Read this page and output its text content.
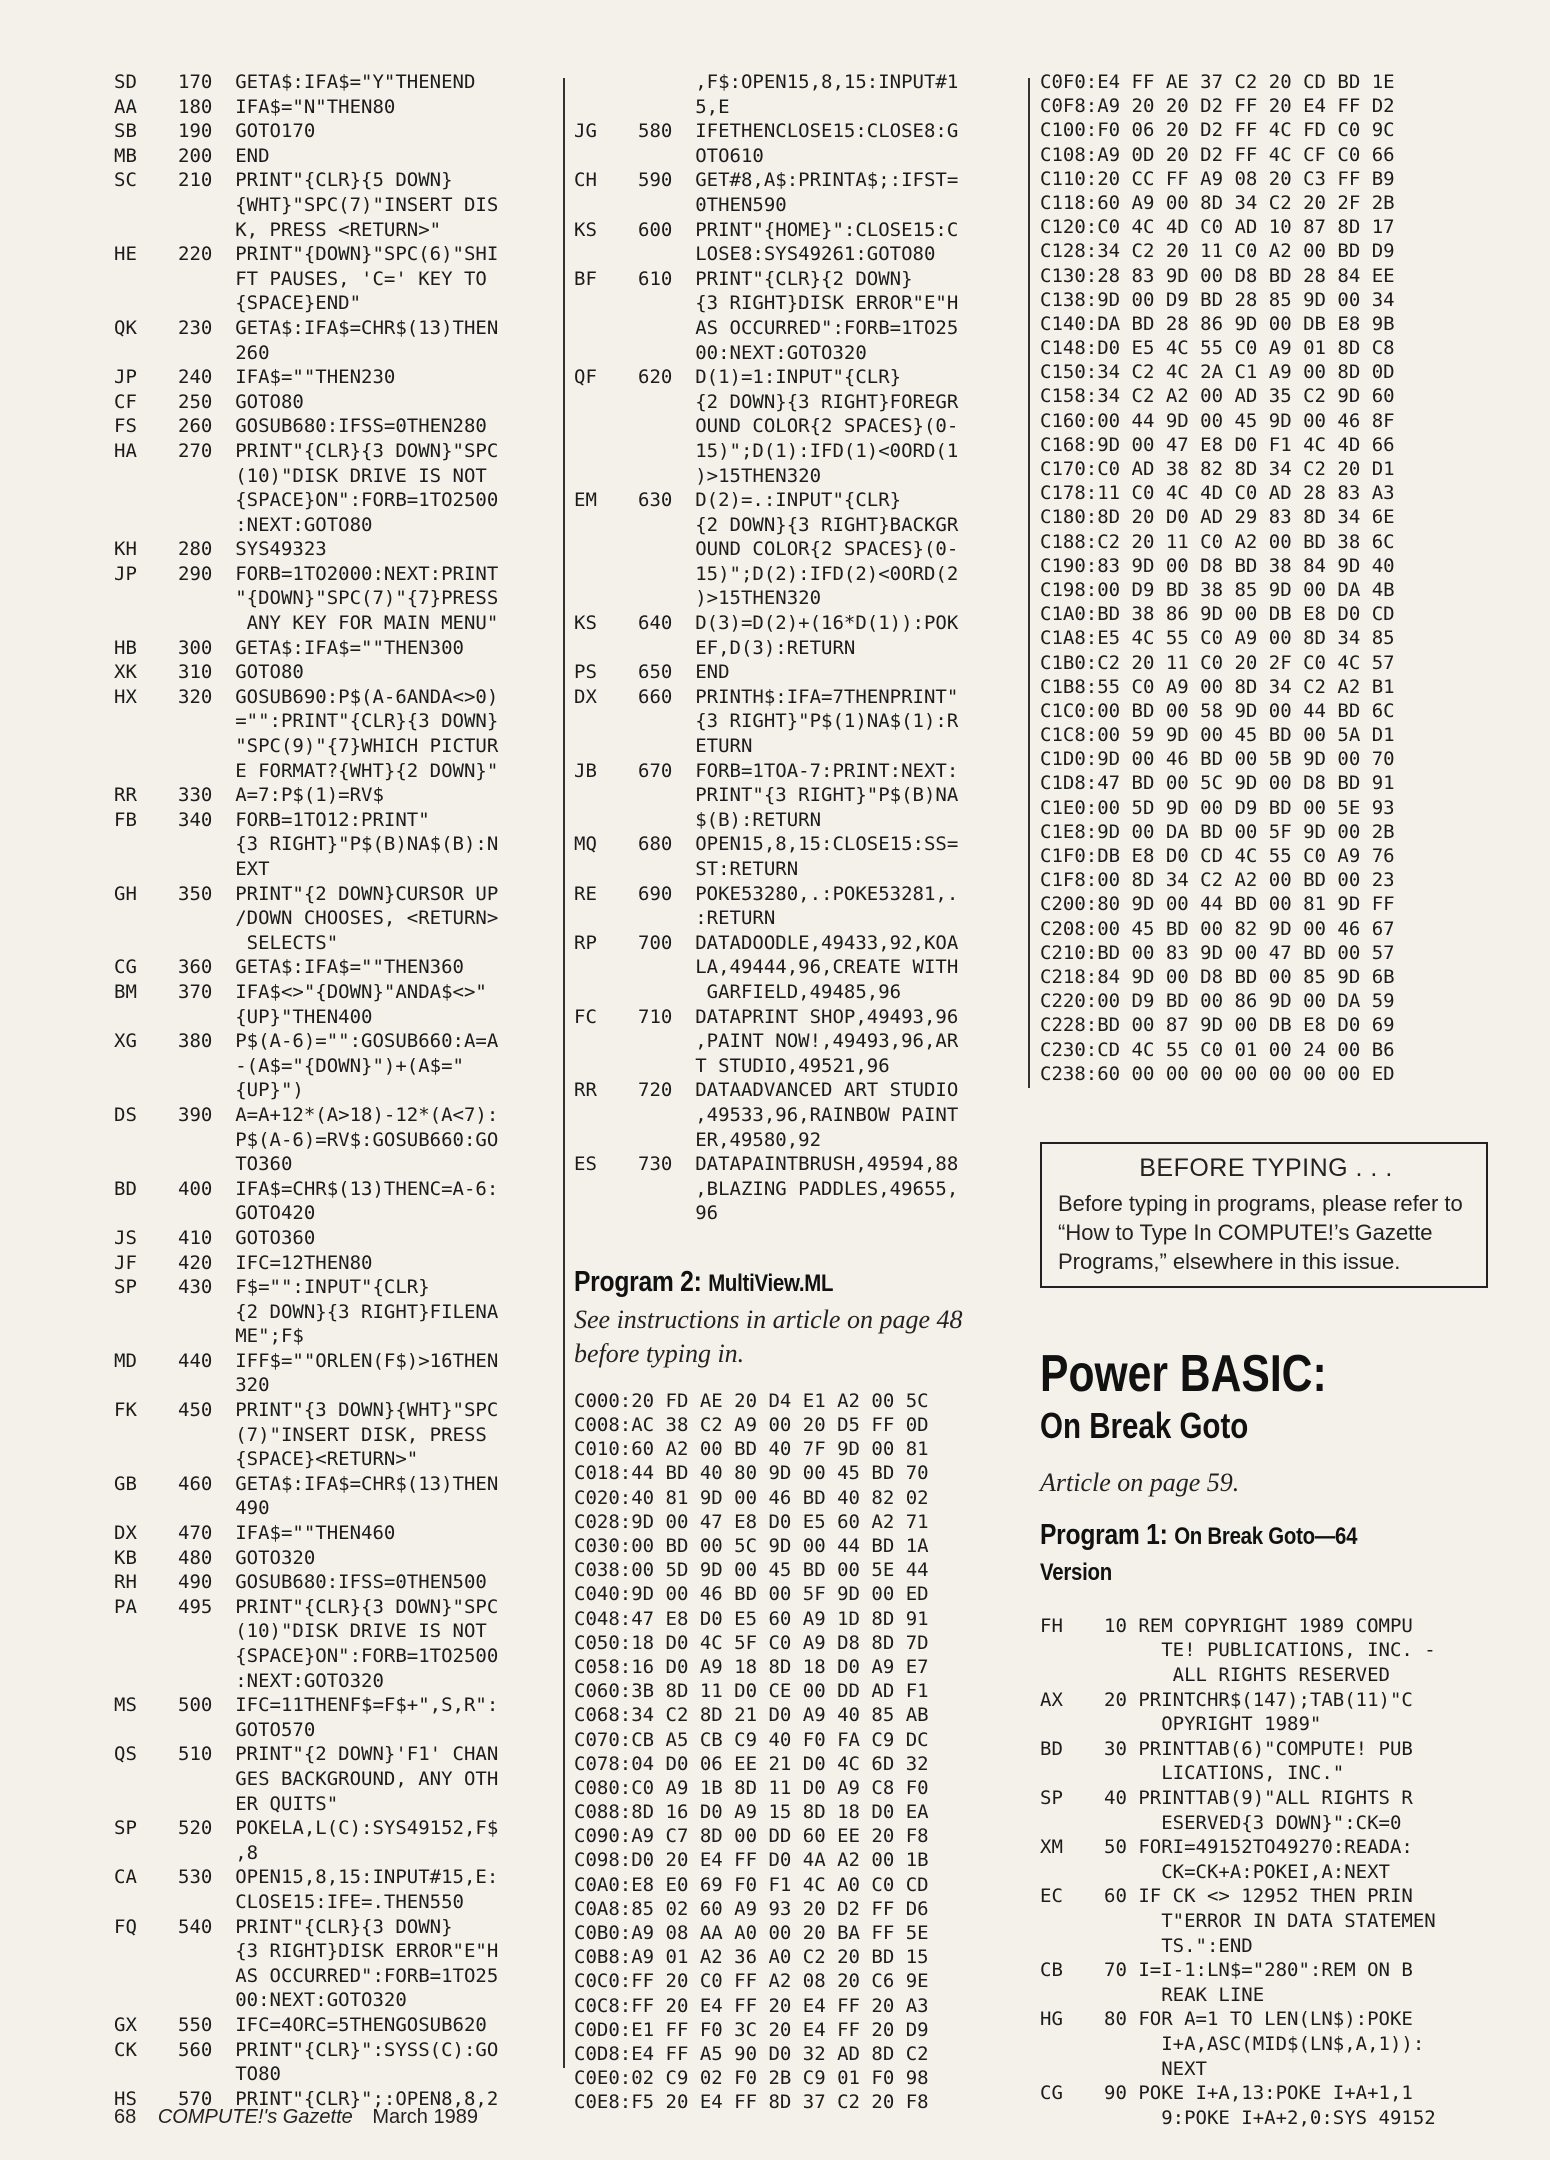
SD	170  GETA$:IFA$="Y"THENEND
AA	180  IFA$="N"THEN80
SB	190  GOTO170
MB	200  END
SC	210  PRINT"{CLR}{5 DOWN}
{WHT}"SPC(7)"INSERT DIS
K, PRESS <RETURN>"
HE	220  PRINT"{DOWN}"SPC(6)"SHI
FT PAUSES, 'C=' KEY TO
{SPACE}END"
QK	230  GETA$:IFA$=CHR$(13)THEN
260
JP	240  IFA$=""THEN230
CF	250  GOTO80
FS	260  GOSUB680:IFSS=0THEN280
HA	270  PRINT"{CLR}{3 DOWN}"SPC
(10)"DISK DRIVE IS NOT
{SPACE}ON":FORB=1TO2500
:NEXT:GOTO80
KH	280  SYS49323
JP	290  FORB=1TO2000:NEXT:PRINT
"{DOWN}"SPC(7)"{7}PRESS
ANY KEY FOR MAIN MENU"
HB	300  GETA$:IFA$=""THEN300
XK	310  GOTO80
HX	320  GOSUB690:P$(A-6ANDA<>0)
="":PRINT"{CLR}{3 DOWN}
"SPC(9)"{7}WHICH PICTUR
E FORMAT?{WHT}{2 DOWN}"
RR	330  A=7:P$(1)=RV$
FB	340  FORB=1TO12:PRINT"
{3 RIGHT}"P$(B)NA$(B):N
EXT
GH	350  PRINT"{2 DOWN}CURSOR UP
/DOWN CHOOSES, <RETURN>
SELECTS"
CG	360  GETA$:IFA$=""THEN360
BM	370  IFA$<>"{DOWN}"ANDA$<>"
{UP}"THEN400
XG	380  P$(A-6)="":GOSUB660:A=A
-(A$="{DOWN}")+(A$="
{UP}")
DS	390  A=A+12*(A>18)-12*(A<7):
P$(A-6)=RV$:GOSUB660:GO
TO360
BD	400  IFA$=CHR$(13)THENC=A-6:
GOTO420
JS	410  GOTO360
JF	420  IFC=12THEN80
SP	430  F$="":INPUT"{CLR}
{2 DOWN}{3 RIGHT}FILENA
ME";F$
MD	440  IFF$=""ORLEN(F$)>16THEN
320
FK	450  PRINT"{3 DOWN}{WHT}"SPC
(7)"INSERT DISK, PRESS
{SPACE}<RETURN>"
GB	460  GETA$:IFA$=CHR$(13)THEN
490
DX	470  IFA$=""THEN460
KB	480  GOTO320
RH	490  GOSUB680:IFSS=0THEN500
PA	495  PRINT"{CLR}{3 DOWN}"SPC
(10)"DISK DRIVE IS NOT
{SPACE}ON":FORB=1TO2500
:NEXT:GOTO320
MS	500  IFC=11THENF$=F$+",S,R":
GOTO570
QS	510  PRINT"{2 DOWN}'F1' CHAN
GES BACKGROUND, ANY OTH
ER QUITS"
SP	520  POKELA,L(C):SYS49152,F$
,8
CA	530  OPEN15,8,15:INPUT#15,E:
CLOSE15:IFE=.THEN550
FQ	540  PRINT"{CLR}{3 DOWN}
{3 RIGHT}DISK ERROR"E"H
AS OCCURRED":FORB=1TO25
00:NEXT:GOTO320
GX	550  IFC=4ORC=5THENGOSUB620
CK	560  PRINT"{CLR}":SYSS(C):GO
TO80
HS	570  PRINT"{CLR}";:OPEN8,8,2
,F$:OPEN15,8,15:INPUT#1
5,E
JG	580  IFETHENCLOSE15:CLOSE8:G
OTO610
CH	590  GET#8,A$:PRINTA$;:IFST=
0THEN590
KS	600  PRINT"{HOME}":CLOSE15:C
LOSE8:SYS49261:GOTO80
BF	610  PRINT"{CLR}{2 DOWN}
{3 RIGHT}DISK ERROR"E"H
AS OCCURRED":FORB=1TO25
00:NEXT:GOTO320
QF	620  D(1)=1:INPUT"{CLR}
{2 DOWN}{3 RIGHT}FOREGR
OUND COLOR{2 SPACES}(0-
15)";D(1):IFD(1)<0ORD(1
)>15THEN320
EM	630  D(2)=.:INPUT"{CLR}
{2 DOWN}{3 RIGHT}BACKGR
OUND COLOR{2 SPACES}(0-
15)";D(2):IFD(2)<0ORD(2
)>15THEN320
KS	640  D(3)=D(2)+(16*D(1)):POK
EF,D(3):RETURN
PS	650  END
DX	660  PRINTH$:IFA=7THENPRINT"
{3 RIGHT}"P$(1)NA$(1):R
ETURN
JB	670  FORB=1TOA-7:PRINT:NEXT:
PRINT"{3 RIGHT}"P$(B)NA
$(B):RETURN
MQ	680  OPEN15,8,15:CLOSE15:SS=
ST:RETURN
RE	690  POKE53280,.:POKE53281,.
:RETURN
RP	700  DATADOODLE,49433,92,KOA
LA,49444,96,CREATE WITH
GARFIELD,49485,96
FC	710  DATAPRINT SHOP,49493,96
,PAINT NOW!,49493,96,AR
T STUDIO,49521,96
RR	720  DATAADVANCED ART STUDIO
,49533,96,RAINBOW PAINT
ER,49580,92
ES	730  DATAPAINTBRUSH,49594,88
,BLAZING PADDLES,49655,
96
Program 2: MultiView.ML
See instructions in article on page 48 before typing in.
C000:20 FD AE 20 D4 E1 A2 00 5C
C008:AC 38 C2 A9 00 20 D5 FF 0D
C010:60 A2 00 BD 40 7F 9D 00 81
C018:44 BD 40 80 9D 00 45 BD 70
C020:40 81 9D 00 46 BD 40 82 02
C028:9D 00 47 E8 D0 E5 60 A2 71
C030:00 BD 00 5C 9D 00 44 BD 1A
C038:00 5D 9D 00 45 BD 00 5E 44
C040:9D 00 46 BD 00 5F 9D 00 ED
C048:47 E8 D0 E5 60 A9 1D 8D 91
C050:18 D0 4C 5F C0 A9 D8 8D 7D
C058:16 D0 A9 18 8D 18 D0 A9 E7
C060:3B 8D 11 D0 CE 00 DD AD F1
C068:34 C2 8D 21 D0 A9 40 85 AB
C070:CB A5 CB C9 40 F0 FA C9 DC
C078:04 D0 06 EE 21 D0 4C 6D 32
C080:C0 A9 1B 8D 11 D0 A9 C8 F0
C088:8D 16 D0 A9 15 8D 18 D0 EA
C090:A9 C7 8D 00 DD 60 EE 20 F8
C098:D0 20 E4 FF D0 4A A2 00 1B
C0A0:E8 E0 69 F0 F1 4C A0 C0 CD
C0A8:85 02 60 A9 93 20 D2 FF D6
C0B0:A9 08 AA A0 00 20 BA FF 5E
C0B8:A9 01 A2 36 A0 C2 20 BD 15
C0C0:FF 20 C0 FF A2 08 20 C6 9E
C0C8:FF 20 E4 FF 20 E4 FF 20 A3
C0D0:E1 FF F0 3C 20 E4 FF 20 D9
C0D8:E4 FF A5 90 D0 32 AD 8D C2
C0E0:02 C9 02 F0 2B C9 01 F0 98
C0E8:F5 20 E4 FF 8D 37 C2 20 F8
C0F0:E4 FF AE 37 C2 20 CD BD 1E
C0F8:A9 20 20 D2 FF 20 E4 FF D2
C100:F0 06 20 D2 FF 4C FD C0 9C
C108:A9 0D 20 D2 FF 4C CF C0 66
C110:20 CC FF A9 08 20 C3 FF B9
C118:60 A9 00 8D 34 C2 20 2F 2B
C120:C0 4C 4D C0 AD 10 87 8D 17
C128:34 C2 20 11 C0 A2 00 BD D9
C130:28 83 9D 00 D8 BD 28 84 EE
C138:9D 00 D9 BD 28 85 9D 00 34
C140:DA BD 28 86 9D 00 DB E8 9B
C148:D0 E5 4C 55 C0 A9 01 8D C8
C150:34 C2 4C 2A C1 A9 00 8D 0D
C158:34 C2 A2 00 AD 35 C2 9D 60
C160:00 44 9D 00 45 9D 00 46 8F
C168:9D 00 47 E8 D0 F1 4C 4D 66
C170:C0 AD 38 82 8D 34 C2 20 D1
C178:11 C0 4C 4D C0 AD 28 83 A3
C180:8D 20 D0 AD 29 83 8D 34 6E
C188:C2 20 11 C0 A2 00 BD 38 6C
C190:83 9D 00 D8 BD 38 84 9D 40
C198:00 D9 BD 38 85 9D 00 DA 4B
C1A0:BD 38 86 9D 00 DB E8 D0 CD
C1A8:E5 4C 55 C0 A9 00 8D 34 85
C1B0:C2 20 11 C0 20 2F C0 4C 57
C1B8:55 C0 A9 00 8D 34 C2 A2 B1
C1C0:00 BD 00 58 9D 00 44 BD 6C
C1C8:00 59 9D 00 45 BD 00 5A D1
C1D0:9D 00 46 BD 00 5B 9D 00 70
C1D8:47 BD 00 5C 9D 00 D8 BD 91
C1E0:00 5D 9D 00 D9 BD 00 5E 93
C1E8:9D 00 DA BD 00 5F 9D 00 2B
C1F0:DB E8 D0 CD 4C 55 C0 A9 76
C1F8:00 8D 34 C2 A2 00 BD 00 23
C200:80 9D 00 44 BD 00 81 9D FF
C208:00 45 BD 00 82 9D 00 46 67
C210:BD 00 83 9D 00 47 BD 00 57
C218:84 9D 00 D8 BD 00 85 9D 6B
C220:00 D9 BD 00 86 9D 00 DA 59
C228:BD 00 87 9D 00 DB E8 D0 69
C230:CD 4C 55 C0 01 00 24 00 B6
C238:60 00 00 00 00 00 00 00 ED
BEFORE TYPING . . .
Before typing in programs, please refer to “How to Type In COMPUTE!’s Gazette Programs,” elsewhere in this issue.
Power BASIC:
On Break Goto
Article on page 59.
Program 1: On Break Goto—64 Version
FH	10 REM COPYRIGHT 1989 COMPU
TE! PUBLICATIONS, INC. -
ALL RIGHTS RESERVED
AX	20 PRINTCHR$(147);TAB(11)"C
OPYRIGHT 1989"
BD	30 PRINTTAB(6)"COMPUTE! PUB
LICATIONS, INC."
SP	40 PRINTTAB(9)"ALL RIGHTS R
ESERVED{3 DOWN}":CK=0
XM	50 FORI=49152TO49270:READA:
CK=CK+A:POKEI,A:NEXT
EC	60 IF CK <> 12952 THEN PRIN
T"ERROR IN DATA STATEMEN
TS.":END
CB	70 I=I-1:LN$="280":REM ON B
REAK LINE
HG	80 FOR A=1 TO LEN(LN$):POKE
I+A,ASC(MID$(LN$,A,1)):
NEXT
CG	90 POKE I+A,13:POKE I+A+1,1
9:POKE I+A+2,0:SYS 49152
68 COMPUTE!'s Gazette March 1989
